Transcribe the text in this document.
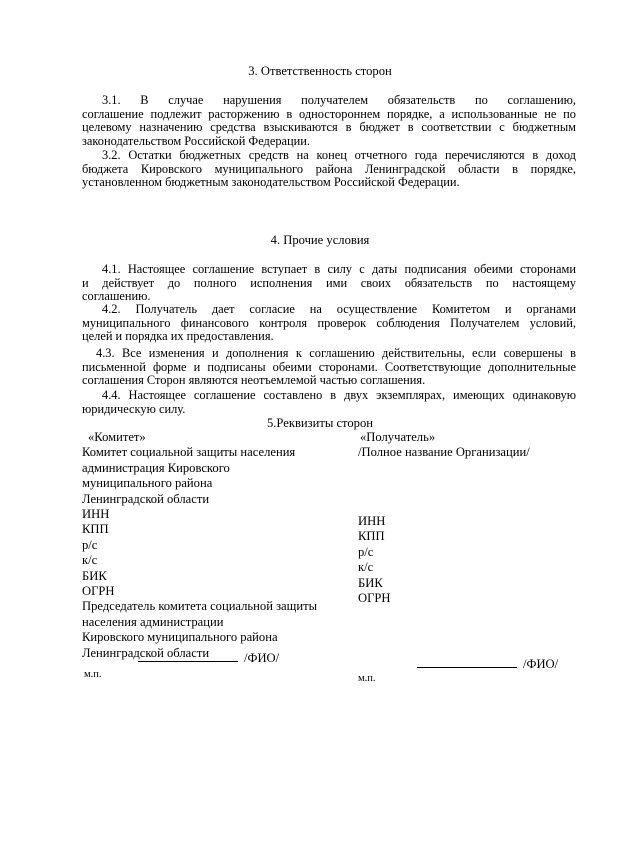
3. Ответственность сторон
3.1. В случае нарушения получателем обязательств по соглашению,
соглашение подлежит расторжению в одностороннем порядке, а использованные не по
целевому назначению средства взыскиваются в бюджет в соответствии с бюджетным
законодательством Российской Федерации.
3.2. Остатки бюджетных средств на конец отчетного года перечисляются в доход
бюджета Кировского муниципального района Ленинградской области в порядке,
установленном бюджетным законодательством Российской Федерации.
4. Прочие условия
4.1. Настоящее соглашение вступает в силу с даты подписания обеими сторонами
и действует до полного исполнения ими своих обязательств по настоящему
соглашению.
4.2. Получатель дает согласие на осуществление Комитетом и органами
муниципального финансового контроля проверок соблюдения Получателем условий,
целей и порядка их предоставления.
4.3. Все изменения и дополнения к соглашению действительны, если совершены в
письменной форме и подписаны обеими сторонами. Соответствующие дополнительные
соглашения Сторон являются неотъемлемой частью соглашения.
4.4. Настоящее соглашение составлено в двух экземплярах, имеющих одинаковую
юридическую силу.
5.Реквизиты сторон
«Комитет»
Комитет социальной защиты населения
администрация Кировского
муниципального района
Ленинградской области
ИНН
КПП
р/с
к/с
БИК
ОГРН
Председатель комитета социальной защиты
населения администрации
Кировского муниципального района
Ленинградской области	/ФИО/
м.п.
«Получатель»
/Полное название Организации/
ИНН
КПП
р/с
к/с
БИК
ОГРН
/ФИО/
м.п.
